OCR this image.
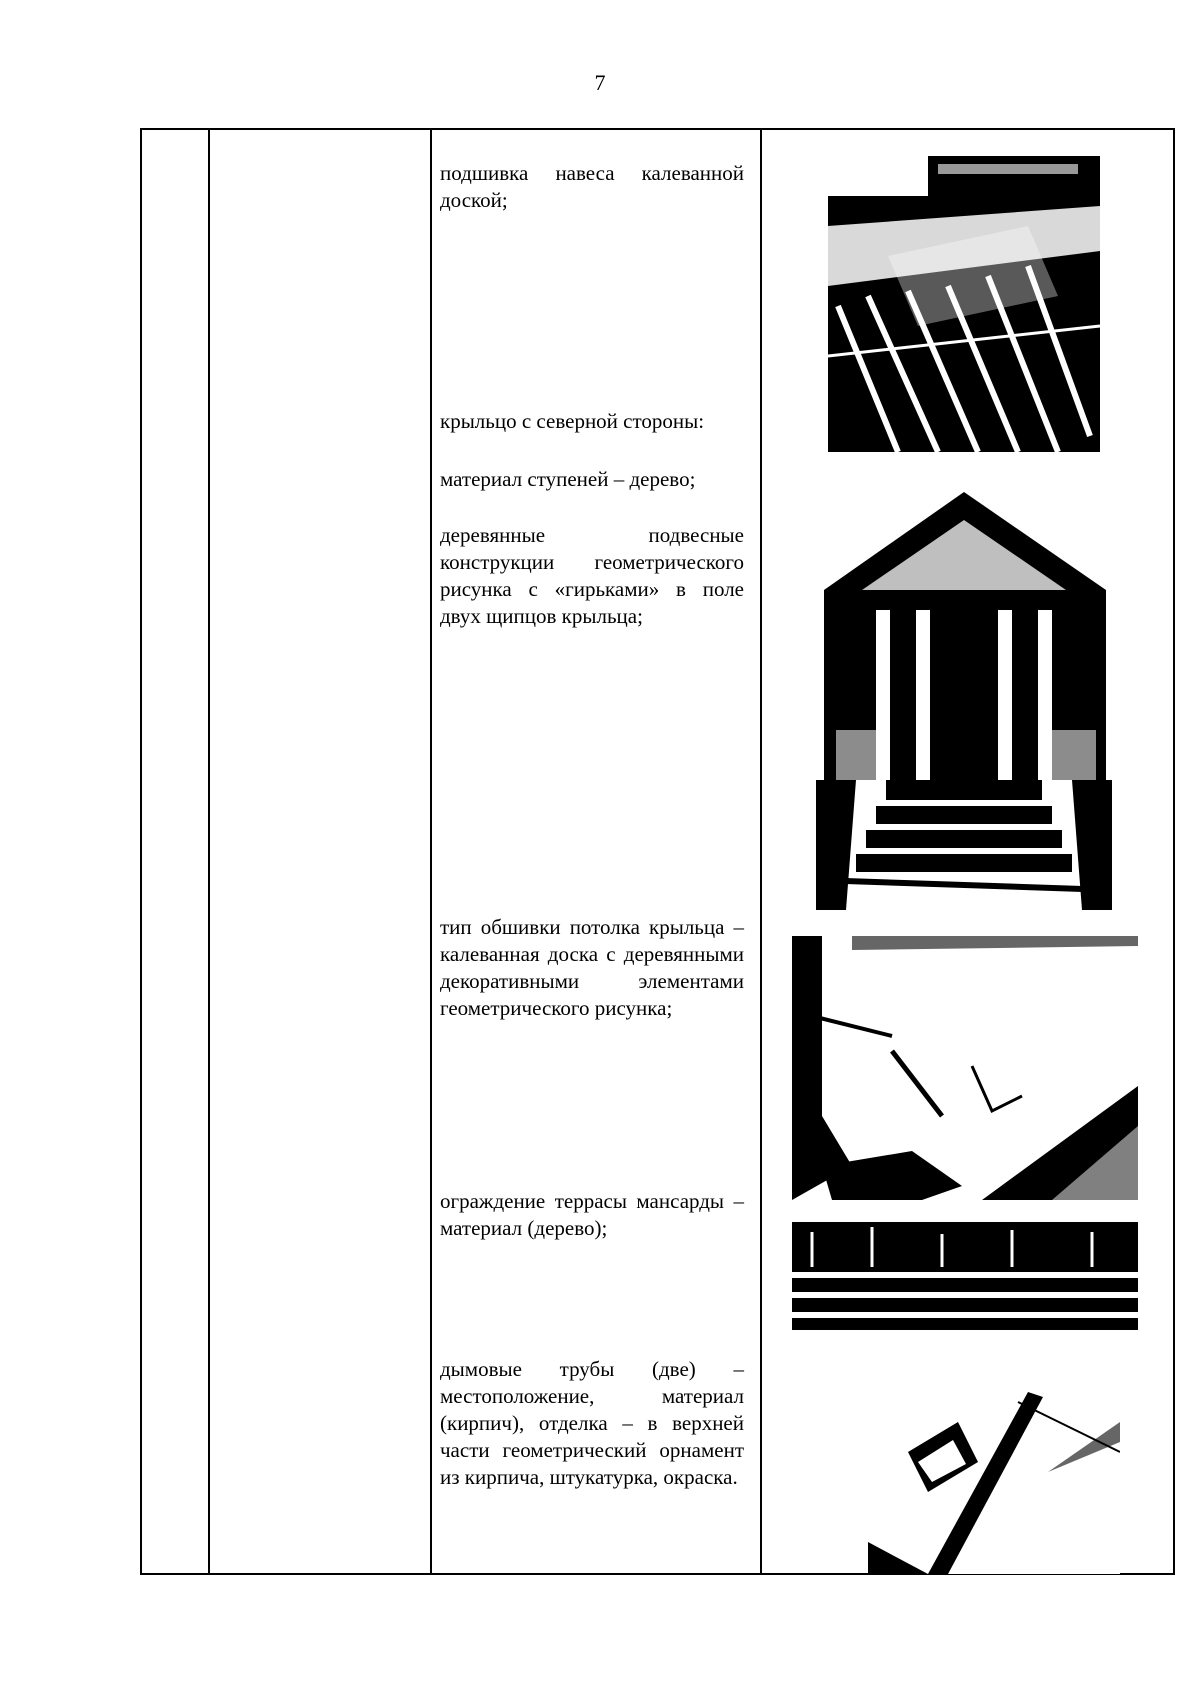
7
подшивка навеса калеванной доской;
крыльцо с северной стороны:
материал ступеней – дерево;
деревянные подвесные конструкции геометрического рисунка с «гирьками» в поле двух щипцов крыльца;
тип обшивки потолка крыльца – калеванная доска с деревянными декоративными элементами геометрического рисунка;
ограждение террасы мансарды – материал (дерево);
дымовые трубы (две) – местоположение, материал (кирпич), отделка – в верхней части геометрический орнамент из кирпича, штукатурка, окраска.
